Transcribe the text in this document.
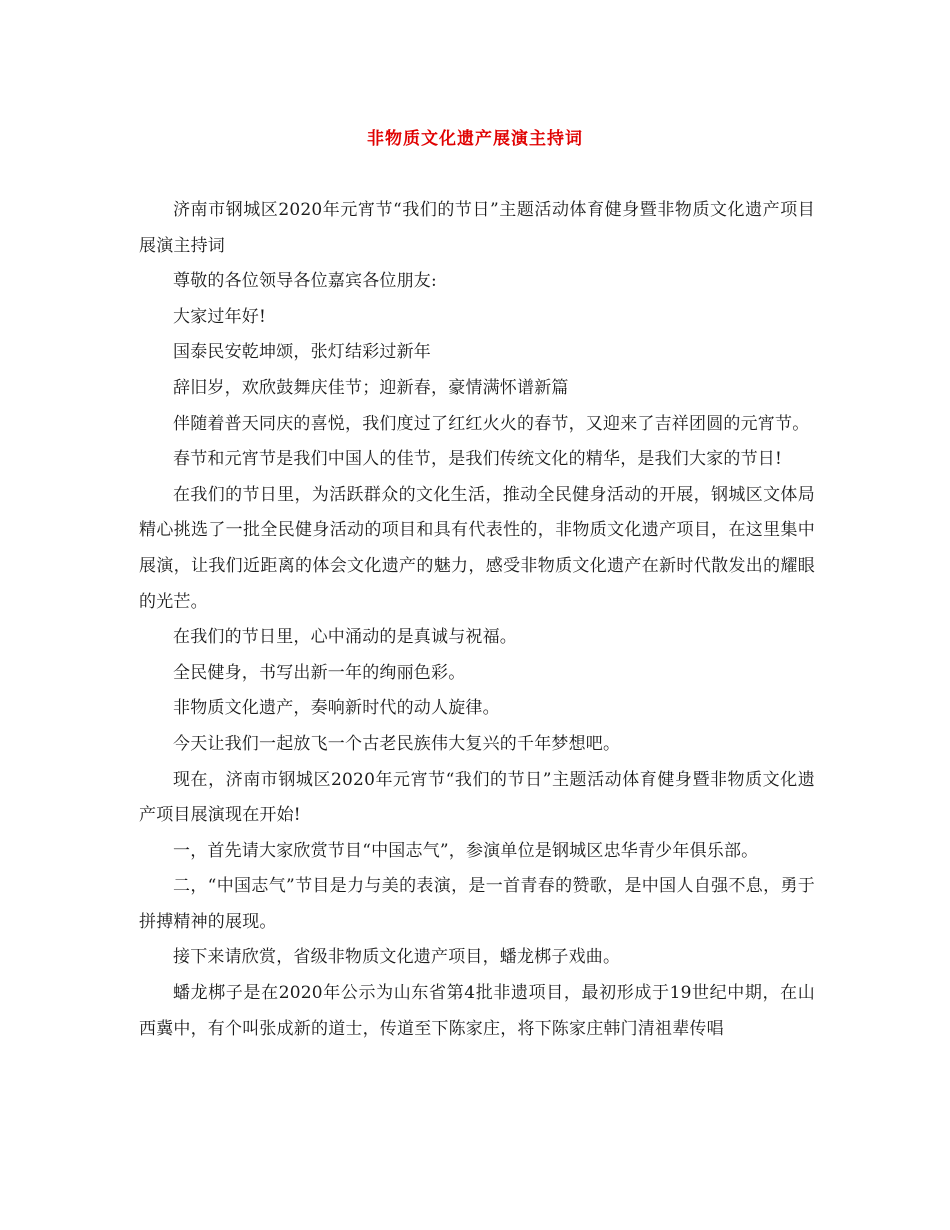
非物质文化遗产展演主持词

济南市钢城区2020年元宵节“我们的节日”主题活动体育健身暨非物质文化遗产项目展演主持词

尊敬的各位领导各位嘉宾各位朋友:

大家过年好!

国泰民安乾坤颂，张灯结彩过新年

辞旧岁，欢欣鼓舞庆佳节；迎新春，豪情满怀谱新篇

伴随着普天同庆的喜悦，我们度过了红红火火的春节，又迎来了吉祥团圆的元宵节。

春节和元宵节是我们中国人的佳节，是我们传统文化的精华，是我们大家的节日!

在我们的节日里，为活跃群众的文化生活，推动全民健身活动的开展，钢城区文体局精心挑选了一批全民健身活动的项目和具有代表性的，非物质文化遗产项目，在这里集中展演，让我们近距离的体会文化遗产的魅力，感受非物质文化遗产在新时代散发出的耀眼的光芒。

在我们的节日里，心中涌动的是真诚与祝福。

全民健身，书写出新一年的绚丽色彩。

非物质文化遗产，奏响新时代的动人旋律。

今天让我们一起放飞一个古老民族伟大复兴的千年梦想吧。

现在，济南市钢城区2020年元宵节“我们的节日”主题活动体育健身暨非物质文化遗产项目展演现在开始!

一，首先请大家欣赏节目“中国志气”，参演单位是钢城区忠华青少年俱乐部。

二，“中国志气”节目是力与美的表演，是一首青春的赞歌，是中国人自强不息，勇于拼搏精神的展现。

接下来请欣赏，省级非物质文化遗产项目，蟠龙梆子戏曲。

蟠龙梆子是在2020年公示为山东省第4批非遗项目，最初形成于19世纪中期，在山西冀中，有个叫张成新的道士，传道至下陈家庄，将下陈家庄韩门清祖辈传唱
